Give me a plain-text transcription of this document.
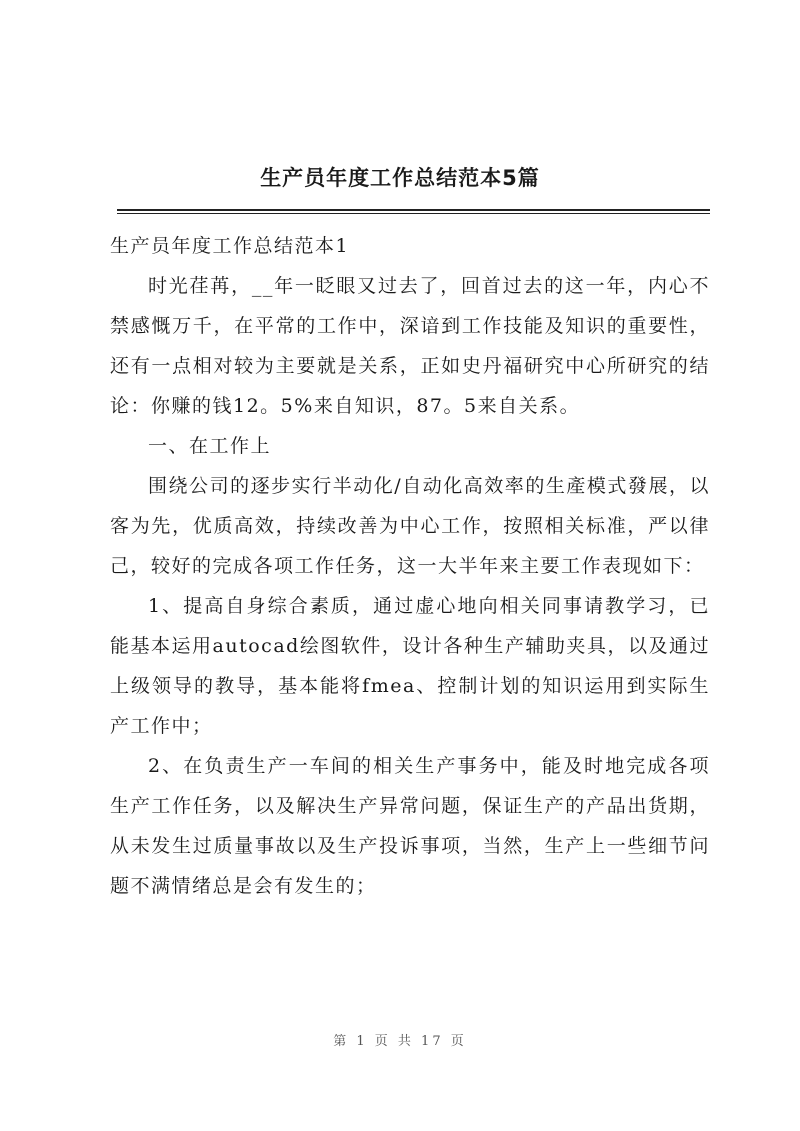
生产员年度工作总结范本5篇

生产员年度工作总结范本1

时光荏苒，__年一眨眼又过去了，回首过去的这一年，内心不禁感慨万千，在平常的工作中，深谙到工作技能及知识的重要性，还有一点相对较为主要就是关系，正如史丹福研究中心所研究的结论：你赚的钱12。5%来自知识，87。5来自关系。

一、在工作上

围绕公司的逐步实行半动化/自动化高效率的生產模式發展，以客为先，优质高效，持续改善为中心工作，按照相关标准，严以律己，较好的完成各项工作任务，这一大半年来主要工作表现如下：

1、提高自身综合素质，通过虚心地向相关同事请教学习，已能基本运用autocad绘图软件，设计各种生产辅助夹具，以及通过上级领导的教导，基本能将fmea、控制计划的知识运用到实际生产工作中；

2、在负责生产一车间的相关生产事务中，能及时地完成各项生产工作任务，以及解决生产异常问题，保证生产的产品出货期，从未发生过质量事故以及生产投诉事项，当然，生产上一些细节问题不满情绪总是会有发生的；

第 1 页 共 17 页
